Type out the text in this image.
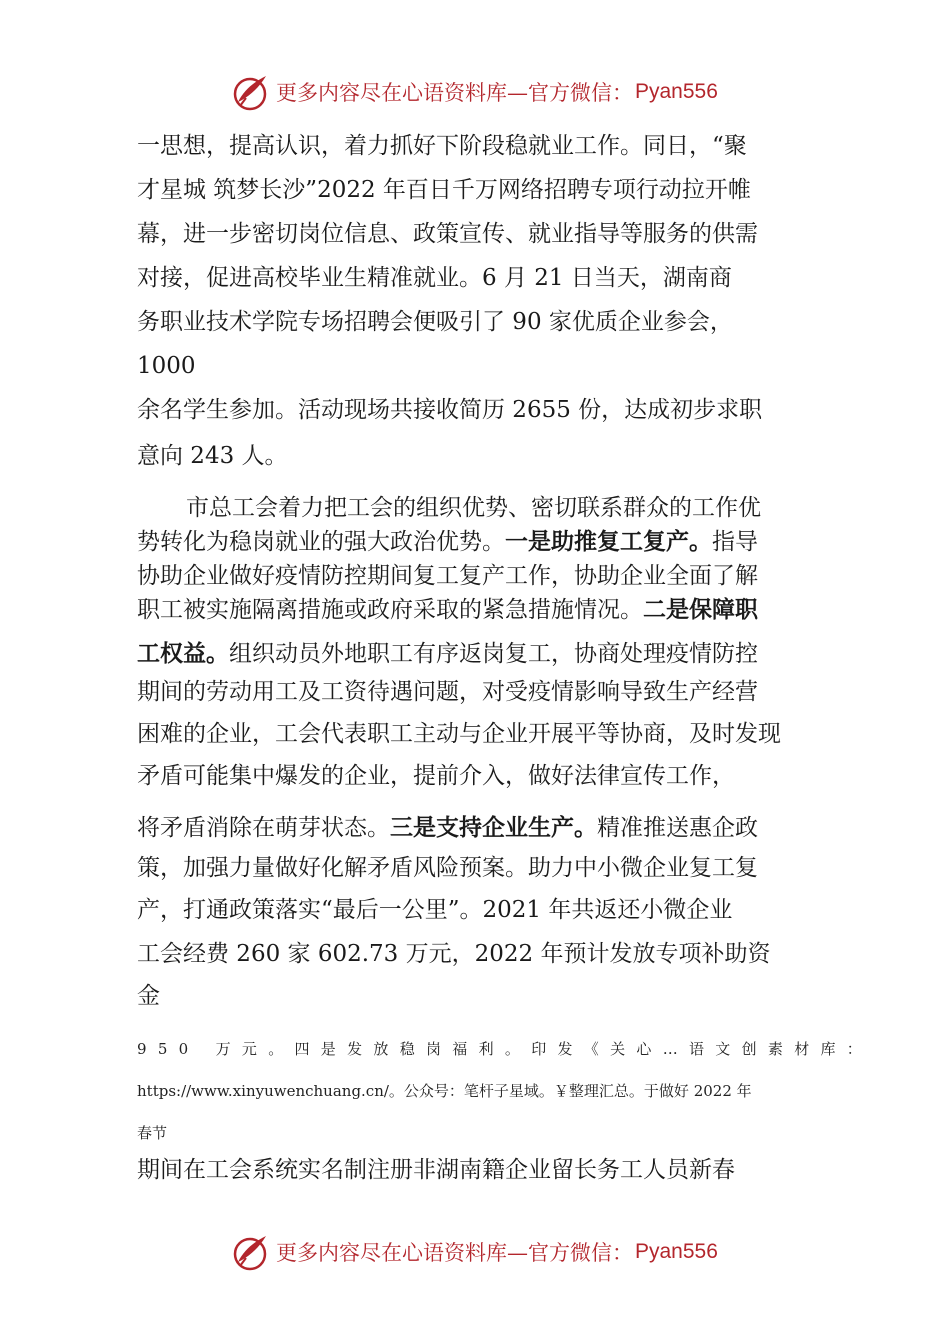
更多内容尽在心语资料库—官方微信： Pyan556
一思想，提高认识，着力抓好下阶段稳就业工作。同日，“聚
才星城 筑梦长沙”2022 年百日千万网络招聘专项行动拉开帷
幕，进一步密切岗位信息、政策宣传、就业指导等服务的供需
对接，促进高校毕业生精准就业。6 月 21 日当天，湖南商
务职业技术学院专场招聘会便吸引了 90 家优质企业参会，
1000
余名学生参加。活动现场共接收简历 2655 份，达成初步求职
意向 243 人。
市总工会着力把工会的组织优势、密切联系群众的工作优
势转化为稳岗就业的强大政治优势。一是助推复工复产。指导
协助企业做好疫情防控期间复工复产工作，协助企业全面了解
职工被实施隔离措施或政府采取的紧急措施情况。二是保障职
工权益。组织动员外地职工有序返岗复工，协商处理疫情防控
期间的劳动用工及工资待遇问题，对受疫情影响导致生产经营
困难的企业，工会代表职工主动与企业开展平等协商，及时发现
矛盾可能集中爆发的企业，提前介入，做好法律宣传工作，
将矛盾消除在萌芽状态。三是支持企业生产。精准推送惠企政
策，加强力量做好化解矛盾风险预案。助力中小微企业复工复
产，打通政策落实“最后一公里”。2021 年共返还小微企业
工会经费 260 家 602.73 万元，2022 年预计发放专项补助资
金
950 万元。四是发放稳岗福利。印发《关心…语文创素材库：
https://www.xinyuwenchuang.cn/。公众号：笔杆子星域。￥整理汇总。于做好 2022 年
春节
期间在工会系统实名制注册非湖南籍企业留长务工人员新春
更多内容尽在心语资料库—官方微信： Pyan556
